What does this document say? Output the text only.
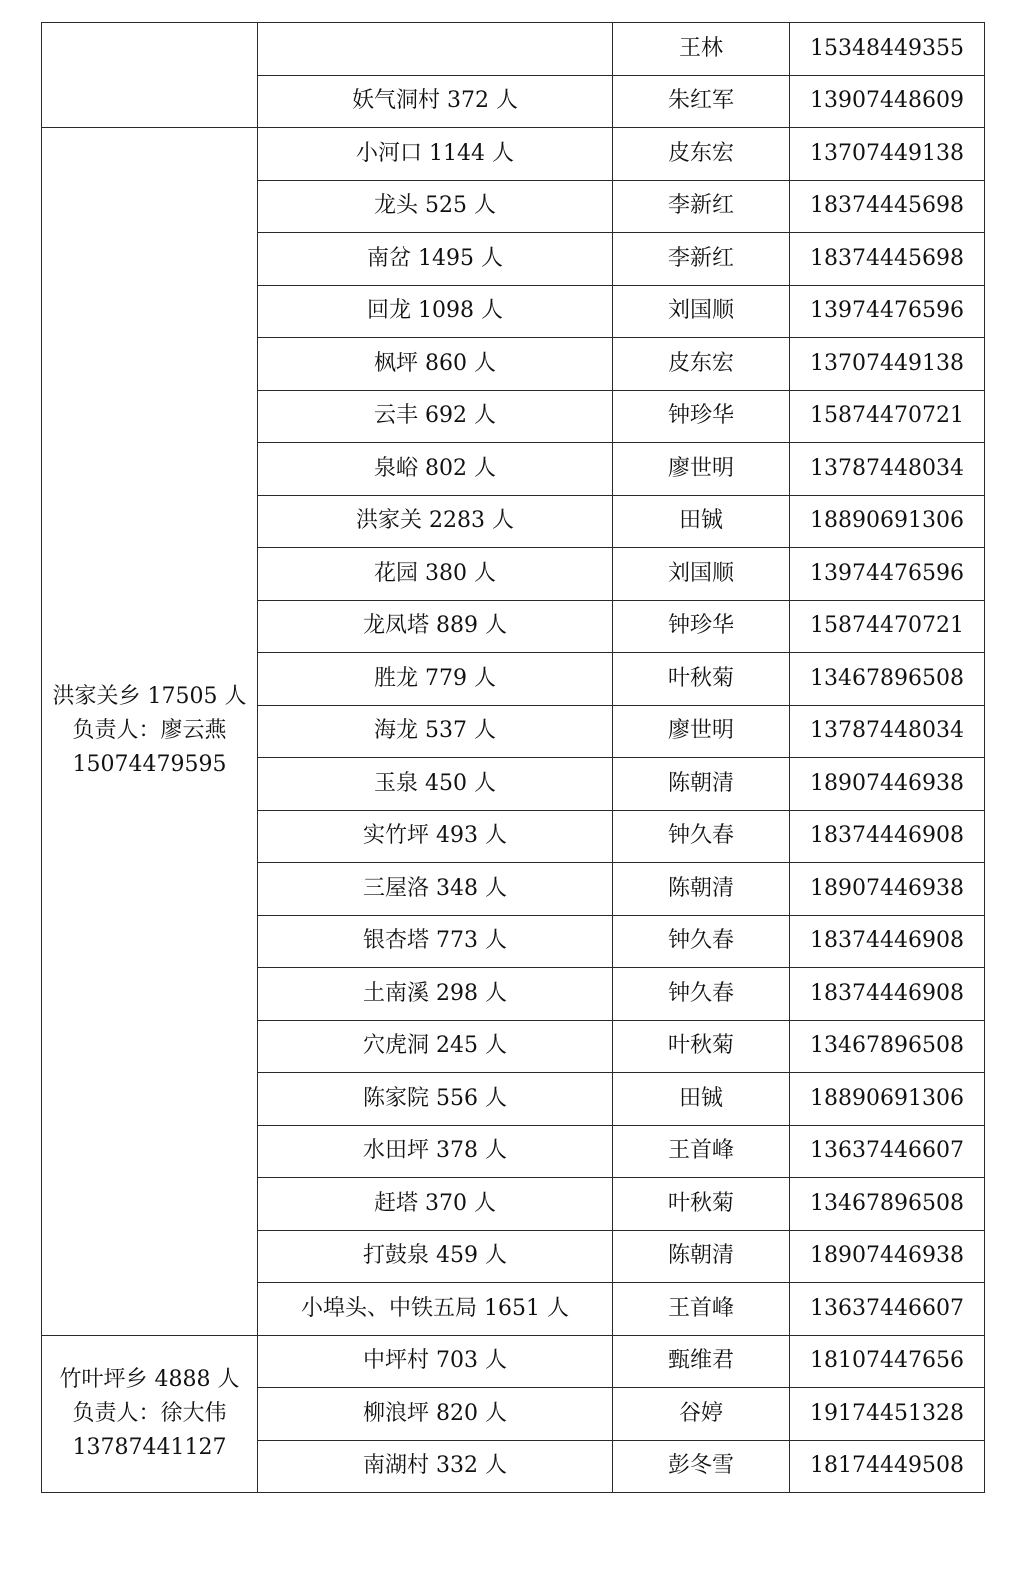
		王林	15348449355
	妖气洞村 372 人	朱红军	13907448609

洪家关乡 17505 人
负责人：廖云燕
15074479595	小河口 1144 人	皮东宏	13707449138
	龙头 525 人	李新红	18374445698
	南岔 1495 人	李新红	18374445698
	回龙 1098 人	刘国顺	13974476596
	枫坪 860 人	皮东宏	13707449138
	云丰 692 人	钟珍华	15874470721
	泉峪 802 人	廖世明	13787448034
	洪家关 2283 人	田铖	18890691306
	花园 380 人	刘国顺	13974476596
	龙凤塔 889 人	钟珍华	15874470721
	胜龙 779 人	叶秋菊	13467896508
	海龙 537 人	廖世明	13787448034
	玉泉 450 人	陈朝清	18907446938
	实竹坪 493 人	钟久春	18374446908
	三屋洛 348 人	陈朝清	18907446938
	银杏塔 773 人	钟久春	18374446908
	土南溪 298 人	钟久春	18374446908
	穴虎洞 245 人	叶秋菊	13467896508
	陈家院 556 人	田铖	18890691306
	水田坪 378 人	王首峰	13637446607
	赶塔 370 人	叶秋菊	13467896508
	打鼓泉 459 人	陈朝清	18907446938
	小埠头、中铁五局 1651 人	王首峰	13637446607

竹叶坪乡 4888 人
负责人：徐大伟
13787441127	中坪村 703 人	甄维君	18107447656
	柳浪坪 820 人	谷婷	19174451328
	南湖村 332 人	彭冬雪	18174449508
